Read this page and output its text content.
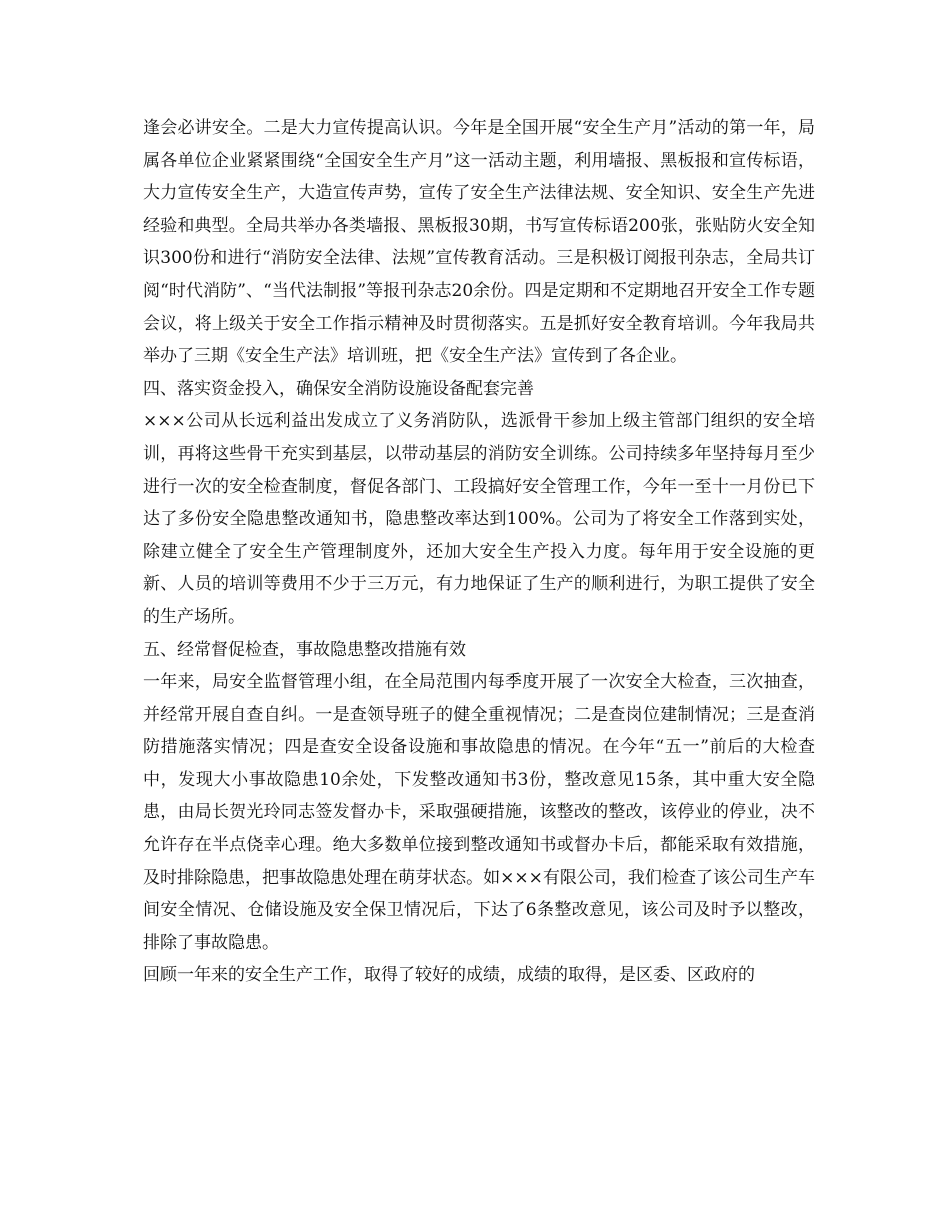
逢会必讲安全。二是大力宣传提高认识。今年是全国开展“安全生产月”活动的第一年，局属各单位企业紧紧围绕“全国安全生产月”这一活动主题，利用墙报、黑板报和宣传标语，大力宣传安全生产，大造宣传声势，宣传了安全生产法律法规、安全知识、安全生产先进经验和典型。全局共举办各类墙报、黑板报30期，书写宣传标语200张，张贴防火安全知识300份和进行“消防安全法律、法规”宣传教育活动。三是积极订阅报刊杂志，全局共订阅“时代消防”、“当代法制报”等报刊杂志20余份。四是定期和不定期地召开安全工作专题会议，将上级关于安全工作指示精神及时贯彻落实。五是抓好安全教育培训。今年我局共举办了三期《安全生产法》培训班，把《安全生产法》宣传到了各企业。

四、落实资金投入，确保安全消防设施设备配套完善

×××公司从长远利益出发成立了义务消防队，选派骨干参加上级主管部门组织的安全培训，再将这些骨干充实到基层，以带动基层的消防安全训练。公司持续多年坚持每月至少进行一次的安全检查制度，督促各部门、工段搞好安全管理工作，今年一至十一月份已下达了多份安全隐患整改通知书，隐患整改率达到100%。公司为了将安全工作落到实处，除建立健全了安全生产管理制度外，还加大安全生产投入力度。每年用于安全设施的更新、人员的培训等费用不少于三万元，有力地保证了生产的顺利进行，为职工提供了安全的生产场所。

五、经常督促检查，事故隐患整改措施有效

一年来，局安全监督管理小组，在全局范围内每季度开展了一次安全大检查，三次抽查，并经常开展自查自纠。一是查领导班子的健全重视情况；二是查岗位建制情况；三是查消防措施落实情况；四是查安全设备设施和事故隐患的情况。在今年“五一”前后的大检查中，发现大小事故隐患10余处，下发整改通知书3份，整改意见15条，其中重大安全隐患，由局长贺光玲同志签发督办卡，采取强硬措施，该整改的整改，该停业的停业，决不允许存在半点侥幸心理。绝大多数单位接到整改通知书或督办卡后，都能采取有效措施，及时排除隐患，把事故隐患处理在萌芽状态。如×××有限公司，我们检查了该公司生产车间安全情况、仓储设施及安全保卫情况后，下达了6条整改意见，该公司及时予以整改，排除了事故隐患。

回顾一年来的安全生产工作，取得了较好的成绩，成绩的取得，是区委、区政府的
